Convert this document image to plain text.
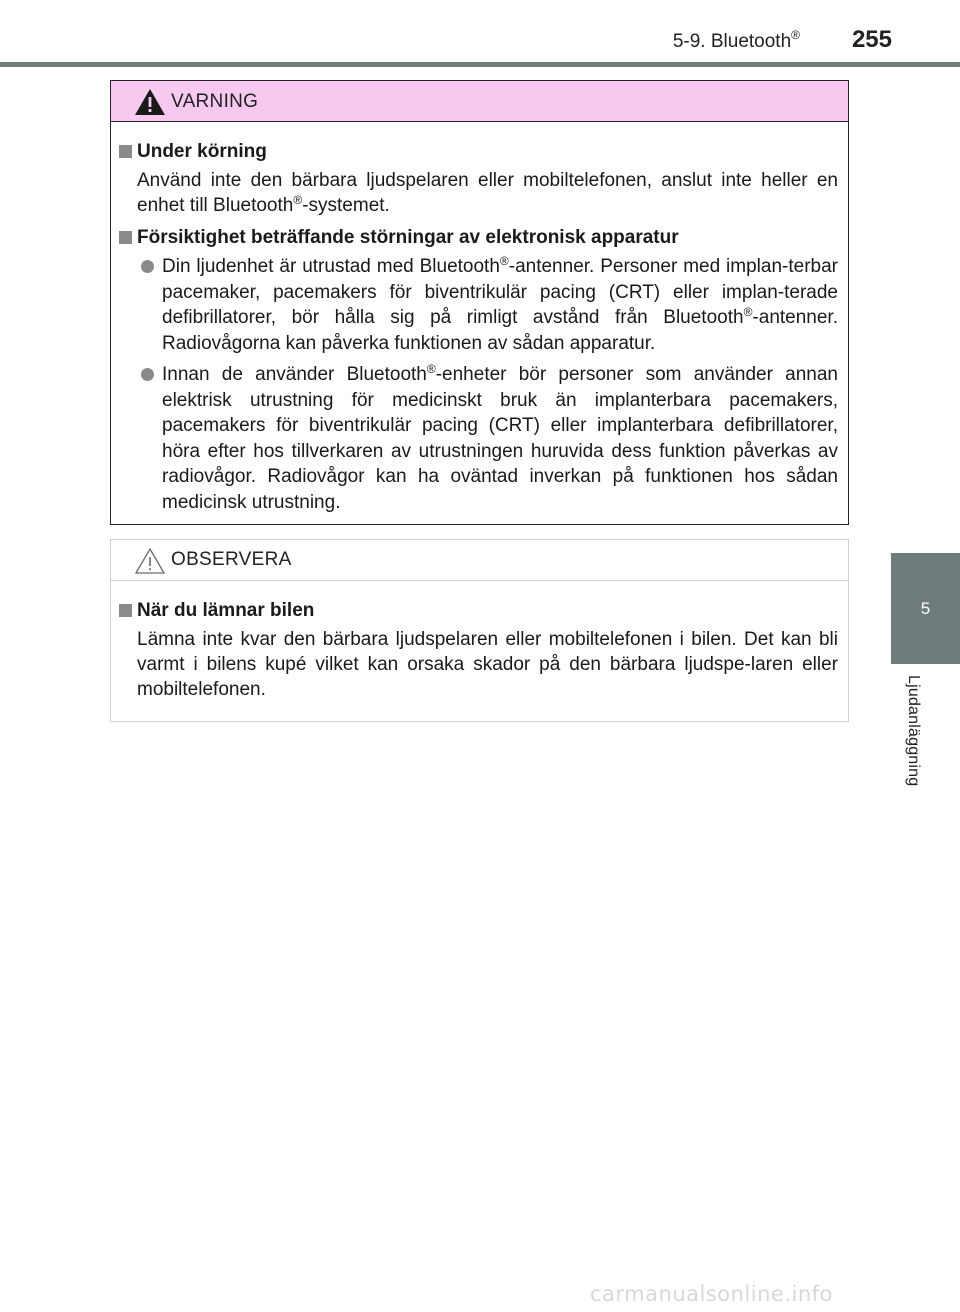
5-9. Bluetooth®	255
5
Ljudanläggning
VARNING
Under körning
Använd inte den bärbara ljudspelaren eller mobiltelefonen, anslut inte heller en enhet till Bluetooth®-systemet.
Försiktighet beträffande störningar av elektronisk apparatur
Din ljudenhet är utrustad med Bluetooth®-antenner. Personer med implan-terbar pacemaker, pacemakers för biventrikulär pacing (CRT) eller implan-terade defibrillatorer, bör hålla sig på rimligt avstånd från Bluetooth®-antenner. Radiovågorna kan påverka funktionen av sådan apparatur.
Innan de använder Bluetooth®-enheter bör personer som använder annan elektrisk utrustning för medicinskt bruk än implanterbara pacemakers, pacemakers för biventrikulär pacing (CRT) eller implanterbara defibrillatorer, höra efter hos tillverkaren av utrustningen huruvida dess funktion påverkas av radiovågor. Radiovågor kan ha oväntad inverkan på funktionen hos sådan medicinsk utrustning.
OBSERVERA
När du lämnar bilen
Lämna inte kvar den bärbara ljudspelaren eller mobiltelefonen i bilen. Det kan bli varmt i bilens kupé vilket kan orsaka skador på den bärbara ljudspe-laren eller mobiltelefonen.
carmanualsonline.info
